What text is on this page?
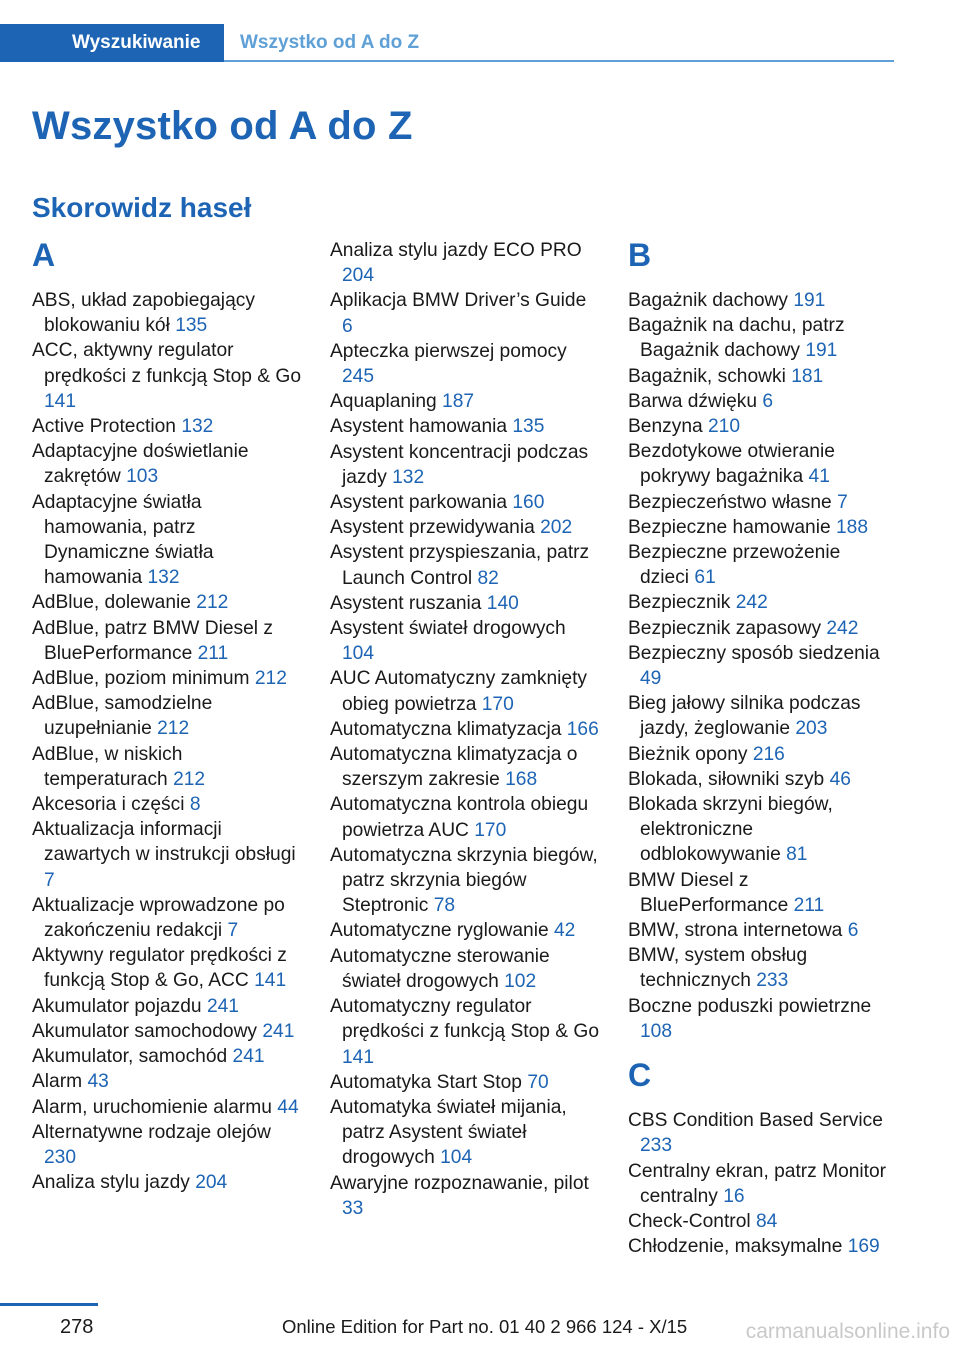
Wyszukiwanie	Wszystko od A do Z
Wszystko od A do Z
Skorowidz haseł
A

ABS, układ zapobiegający blokowaniu kół 135

ACC, aktywny regulator prędkości z funkcją Stop & Go 141

Active Protection 132

Adaptacyjne doświetlanie zakrętów 103

Adaptacyjne światła hamowania, patrz Dynamiczne światła hamowania 132

AdBlue, dolewanie 212

AdBlue, patrz BMW Diesel z BluePerformance 211

AdBlue, poziom minimum 212

AdBlue, samodzielne uzupełnianie 212

AdBlue, w niskich temperaturach 212

Akcesoria i części 8

Aktualizacja informacji zawartych w instrukcji obsługi 7

Aktualizacje wprowadzone po zakończeniu redakcji 7

Aktywny regulator prędkości z funkcją Stop & Go, ACC 141

Akumulator pojazdu 241

Akumulator samochodowy 241

Akumulator, samochód 241

Alarm 43

Alarm, uruchomienie alarmu 44

Alternatywne rodzaje olejów 230

Analiza stylu jazdy 204

Analiza stylu jazdy ECO PRO 204

Aplikacja BMW Driver’s Guide 6

Apteczka pierwszej pomocy 245

Aquaplaning 187

Asystent hamowania 135

Asystent koncentracji podczas jazdy 132

Asystent parkowania 160

Asystent przewidywania 202

Asystent przyspieszania, patrz Launch Control 82

Asystent ruszania 140

Asystent świateł drogowych 104

AUC Automatyczny zamknięty obieg powietrza 170

Automatyczna klimatyzacja 166

Automatyczna klimatyzacja o szerszym zakresie 168

Automatyczna kontrola obiegu powietrza AUC 170

Automatyczna skrzynia biegów, patrz skrzynia biegów Steptronic 78

Automatyczne ryglowanie 42

Automatyczne sterowanie świateł drogowych 102

Automatyczny regulator prędkości z funkcją Stop & Go 141

Automatyka Start Stop 70

Automatyka świateł mijania, patrz Asystent świateł drogowych 104

Awaryjne rozpoznawanie, pilot 33

B

Bagażnik dachowy 191

Bagażnik na dachu, patrz Bagażnik dachowy 191

Bagażnik, schowki 181

Barwa dźwięku 6

Benzyna 210

Bezdotykowe otwieranie pokrywy bagażnika 41

Bezpieczeństwo własne 7

Bezpieczne hamowanie 188

Bezpieczne przewożenie dzieci 61

Bezpiecznik 242

Bezpiecznik zapasowy 242

Bezpieczny sposób siedzenia 49

Bieg jałowy silnika podczas jazdy, żeglowanie 203

Bieżnik opony 216

Blokada, siłowniki szyb 46

Blokada skrzyni biegów, elektroniczne odblokowywanie 81

BMW Diesel z BluePerformance 211

BMW, strona internetowa 6

BMW, system obsług technicznych 233

Boczne poduszki powietrzne 108

C

CBS Condition Based Service 233

Centralny ekran, patrz Monitor centralny 16

Check-Control 84

Chłodzenie, maksymalne 169

278	Online Edition for Part no. 01 40 2 966 124 - X/15	carmanualsonline.info
